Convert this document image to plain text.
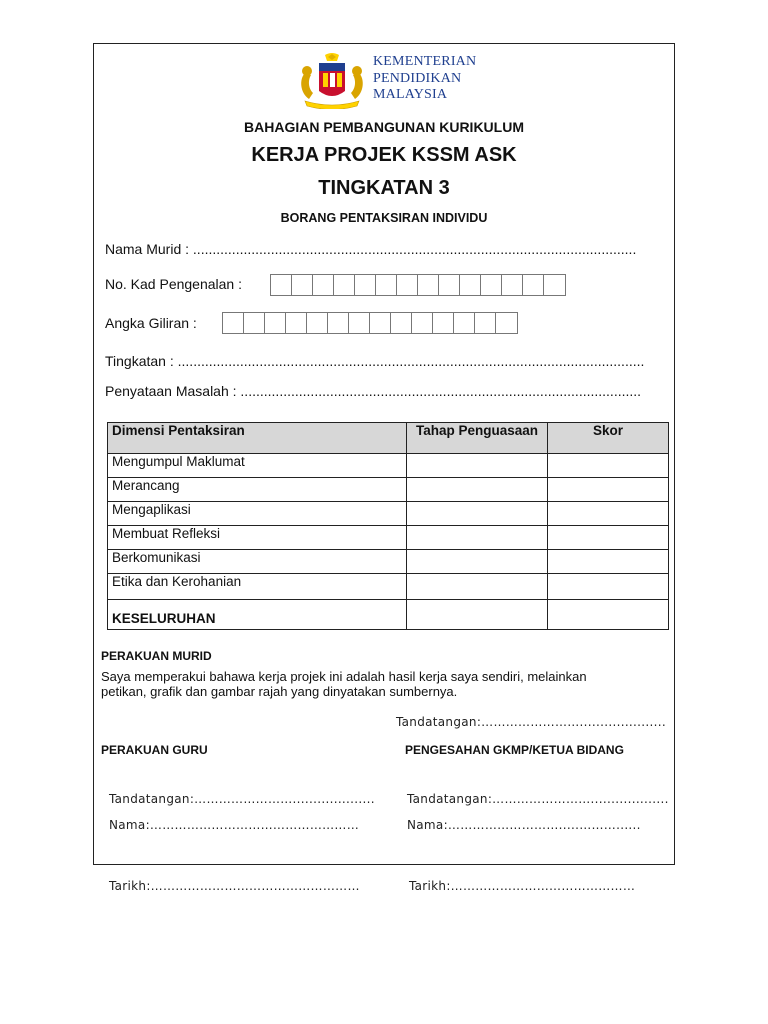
KEMENTERIAN
PENDIDIKAN
MALAYSIA
BAHAGIAN PEMBANGUNAN KURIKULUM
KERJA PROJEK KSSM ASK
TINGKATAN 3
BORANG PENTAKSIRAN INDIVIDU
Nama Murid : ..................................................................................................................
No. Kad Pengenalan :
Angka Giliran :
Tingkatan : ........................................................................................................................
Penyataan Masalah : .......................................................................................................
Dimensi Pentaksiran	Tahap Penguasaan	Skor
Mengumpul Maklumat		
Merancang		
Mengaplikasi		
Membuat Refleksi		
Berkomunikasi		
Etika dan Kerohanian		
KESELURUHAN		
PERAKUAN MURID
Saya memperakui bahawa kerja projek ini adalah hasil kerja saya sendiri, melainkan
petikan, grafik dan gambar rajah yang dinyatakan sumbernya.
Tandatangan:…………………….....................
PERAKUAN GURU	PENGESAHAN GKMP/KETUA BIDANG
Tandatangan:……………………....................	Tandatangan:……………………...................
Nama:……………………………………………	Nama:……………………….....………......
Tarikh:……………………………………………	Tarikh:………………………………………
